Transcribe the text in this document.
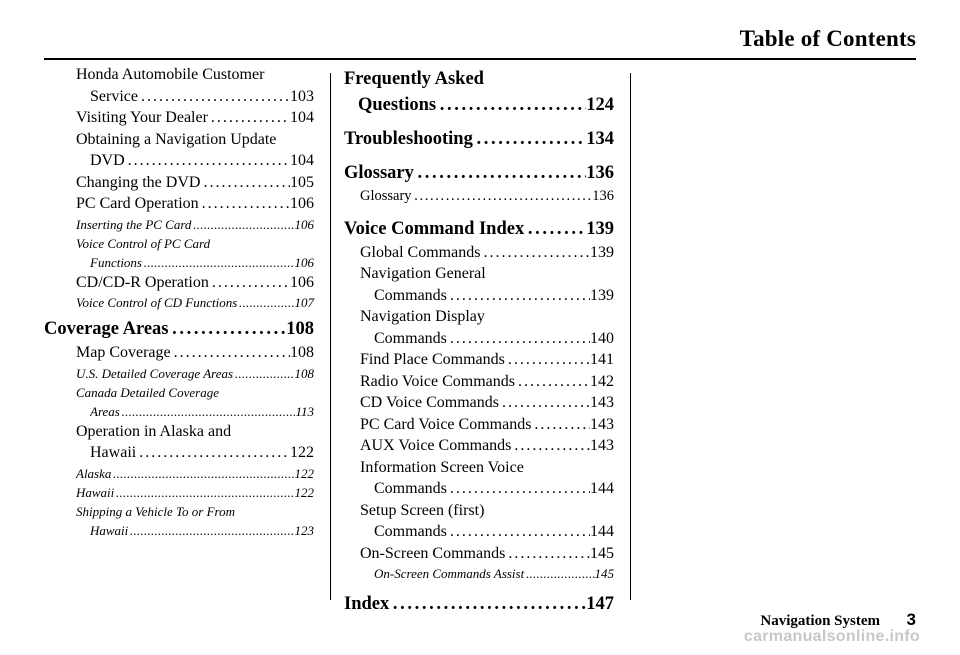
Table of Contents
Honda Automobile Customer
Service . . .	103
Visiting Your Dealer . . .	104
Obtaining a Navigation Update
DVD . . .	104
Changing the DVD . . .	105
PC Card Operation . . .	106
Inserting the PC Card . . .	106
Voice Control of PC Card
Functions . . .	106
CD/CD-R Operation . . .	106
Voice Control of CD Functions . . .	107
Coverage Areas . . .	108
Map Coverage . . .	108
U.S. Detailed Coverage Areas . . .	108
Canada Detailed Coverage
Areas . . .	113
Operation in Alaska and
Hawaii . . .	122
Alaska . . .	122
Hawaii . . .	122
Shipping a Vehicle To or From
Hawaii . . .	123
Frequently Asked
Questions . . .	124
Troubleshooting . . .	134
Glossary . . .	136
Glossary . . .	136
Voice Command Index . . .	139
Global Commands . . .	139
Navigation General
Commands . . .	139
Navigation Display
Commands . . .	140
Find Place Commands . . .	141
Radio Voice Commands . . .	142
CD Voice Commands . . .	143
PC Card Voice Commands . . .	143
AUX Voice Commands . . .	143
Information Screen Voice
Commands . . .	144
Setup Screen (first)
Commands . . .	144
On-Screen Commands . . .	145
On-Screen Commands Assist . . .	145
Index . . .	147
Navigation System 3
carmanualsonline.info
